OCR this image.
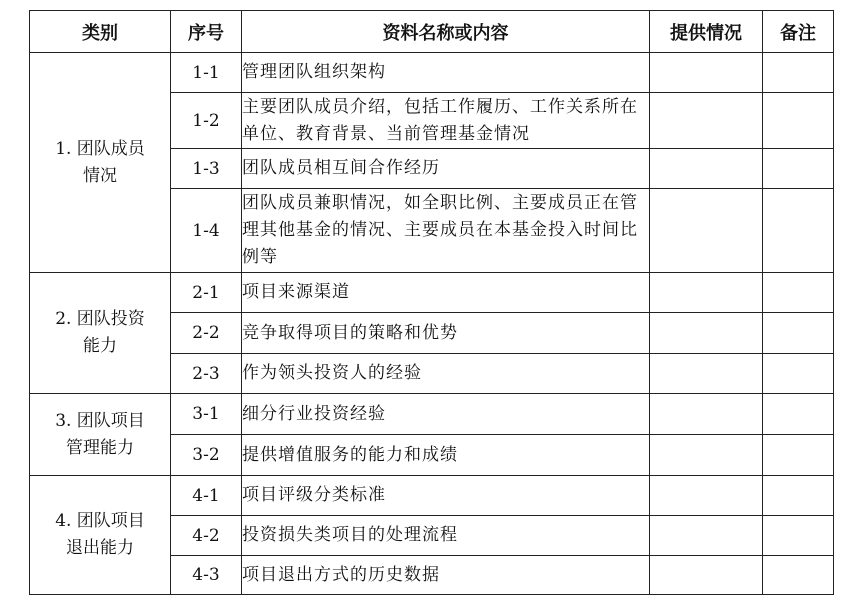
类别	序号	资料名称或内容	提供情况	备注

1. 团队成员
情况	1-1	管理团队组织架构		
	1-2	主要团队成员介绍，包括工作履历、工作关系所在单位、教育背景、当前管理基金情况		
	1-3	团队成员相互间合作经历		
	1-4	团队成员兼职情况，如全职比例、主要成员正在管理其他基金的情况、主要成员在本基金投入时间比例等		

2. 团队投资
能力	2-1	项目来源渠道		
	2-2	竞争取得项目的策略和优势		
	2-3	作为领头投资人的经验		

3. 团队项目
管理能力	3-1	细分行业投资经验		
	3-2	提供增值服务的能力和成绩		

4. 团队项目
退出能力	4-1	项目评级分类标准		
	4-2	投资损失类项目的处理流程		
	4-3	项目退出方式的历史数据		
